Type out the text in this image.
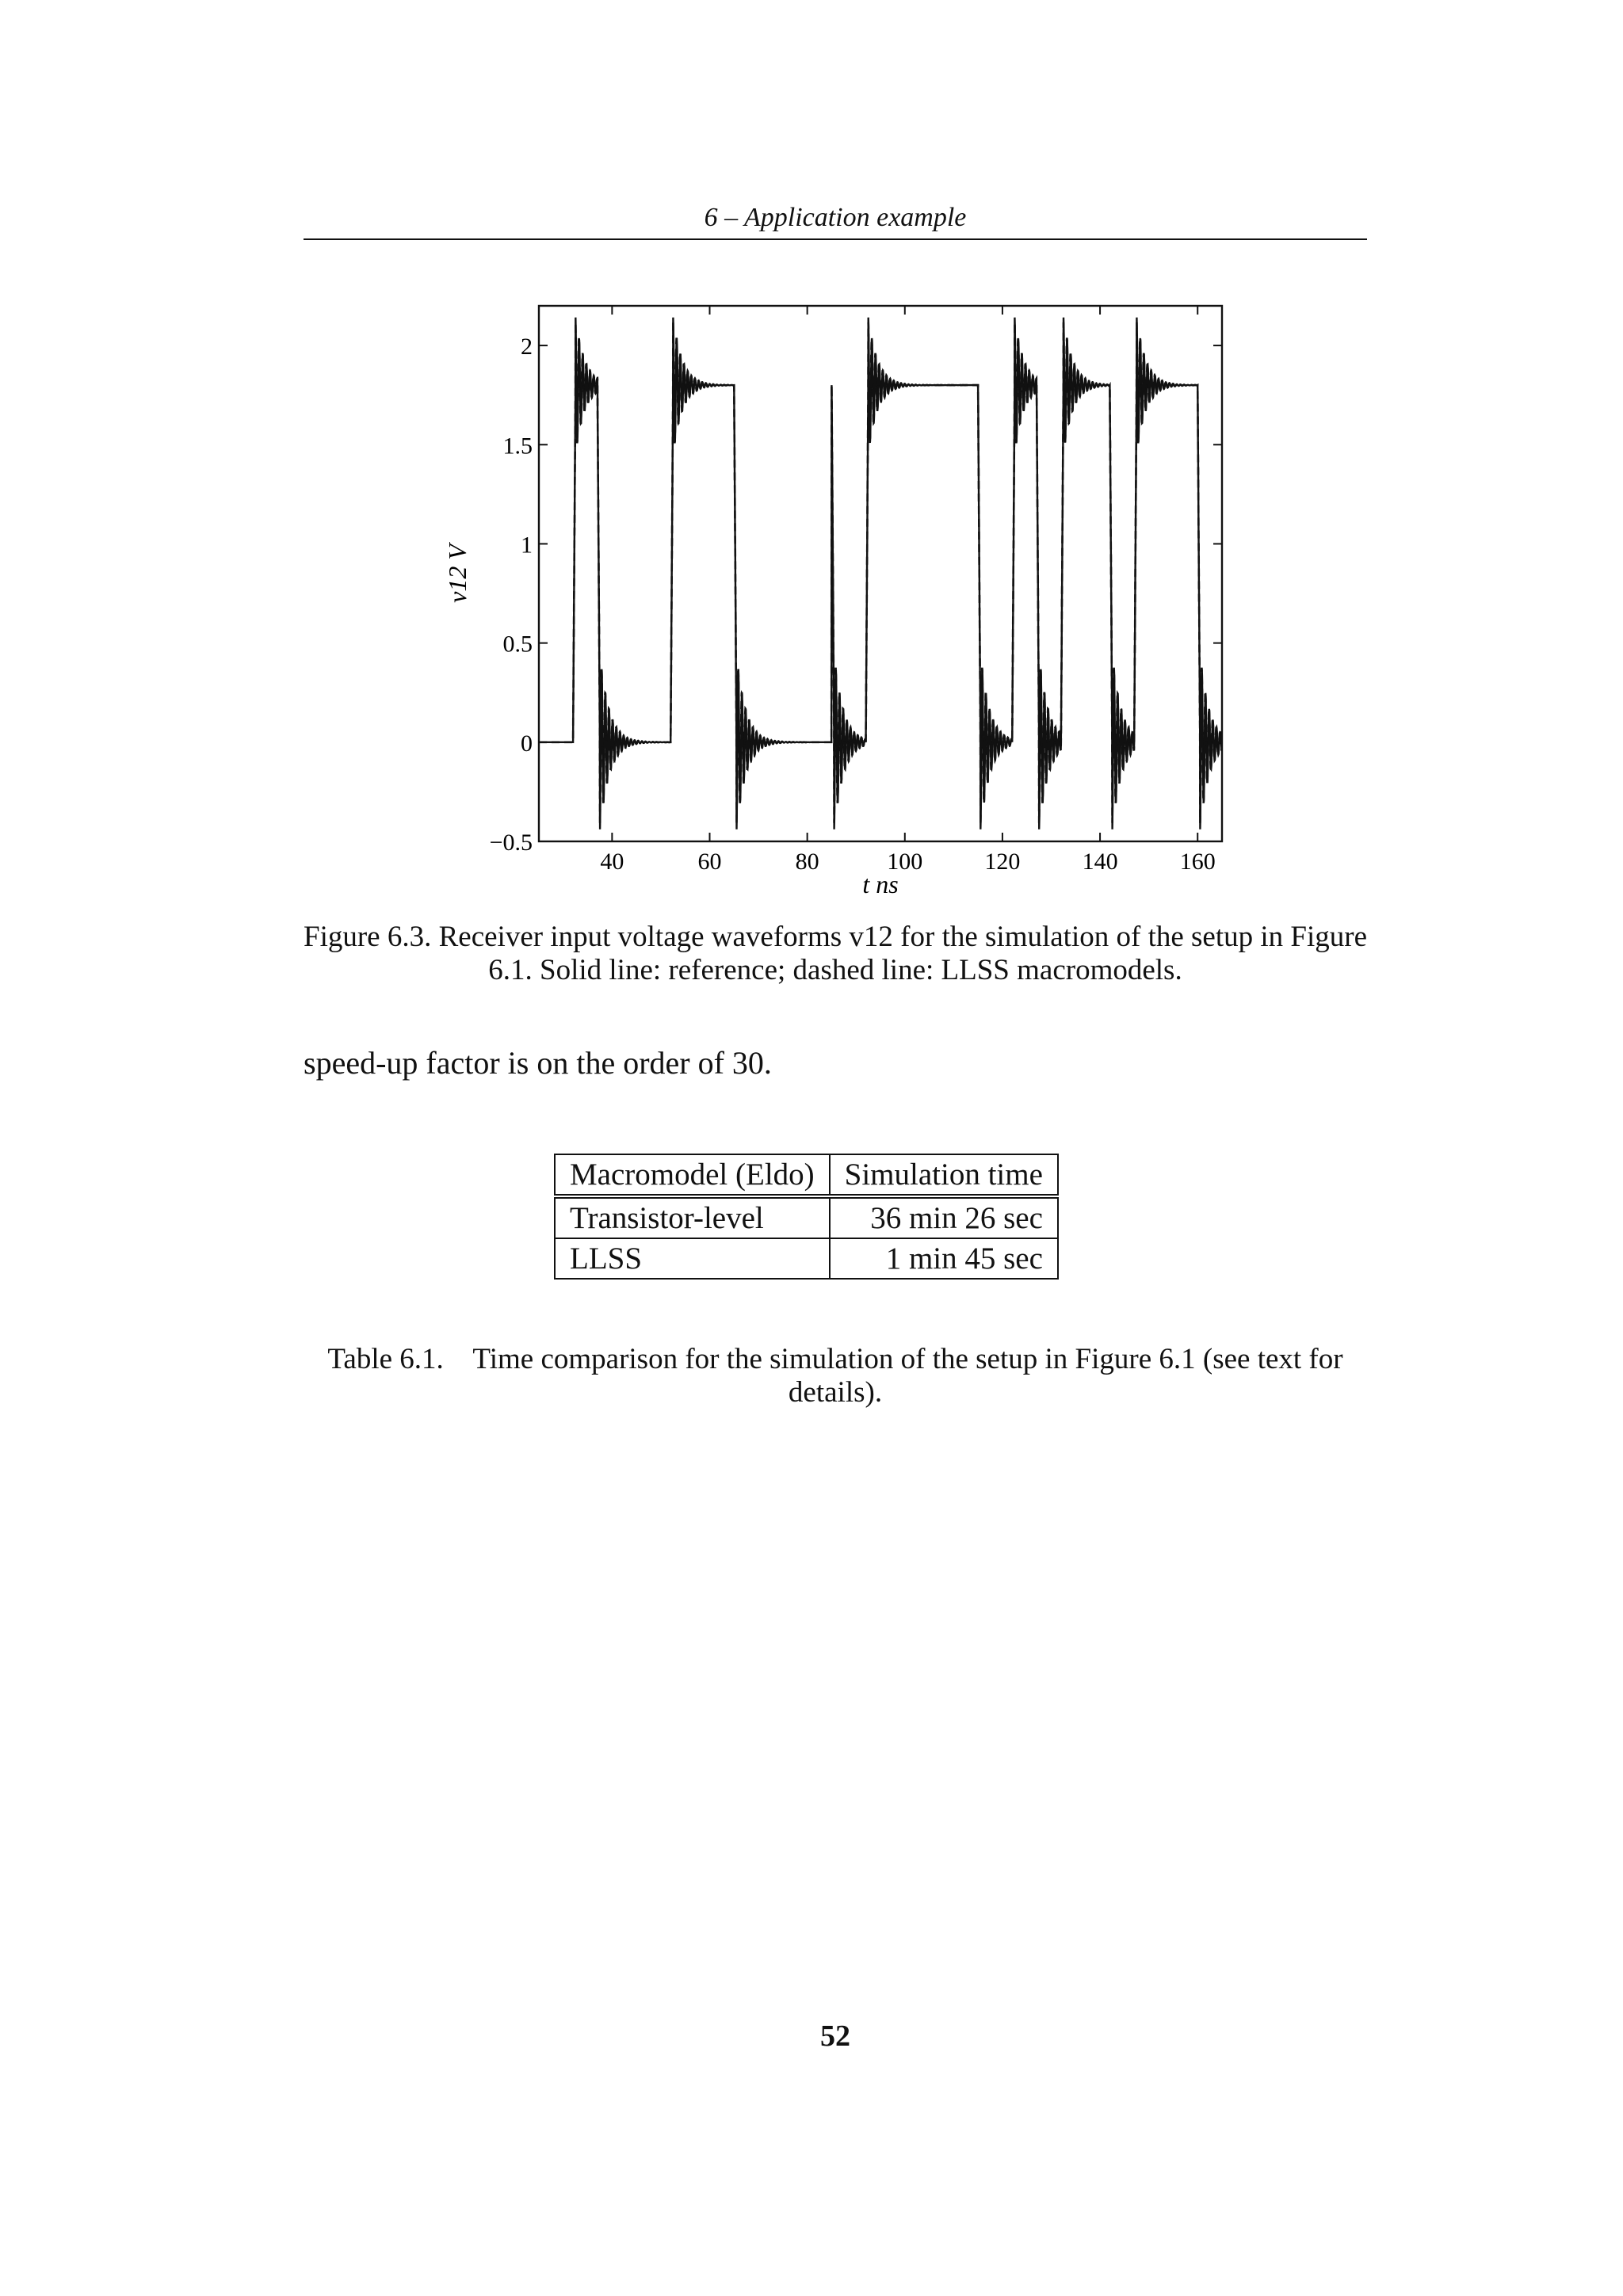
6 – Application example
40	60	80	100	120	140	160
−0.5
0
0.5
1
1.5
2
v12 V
t ns
Figure 6.3. Receiver input voltage waveforms v12 for the simulation of the setup in Figure 6.1. Solid line: reference; dashed line: LLSS macromodels.
speed-up factor is on the order of 30.
Macromodel (Eldo)	Simulation time
Transistor-level	36 min 26 sec
LLSS	1 min 45 sec
Table 6.1. Time comparison for the simulation of the setup in Figure 6.1 (see text for details).
52
